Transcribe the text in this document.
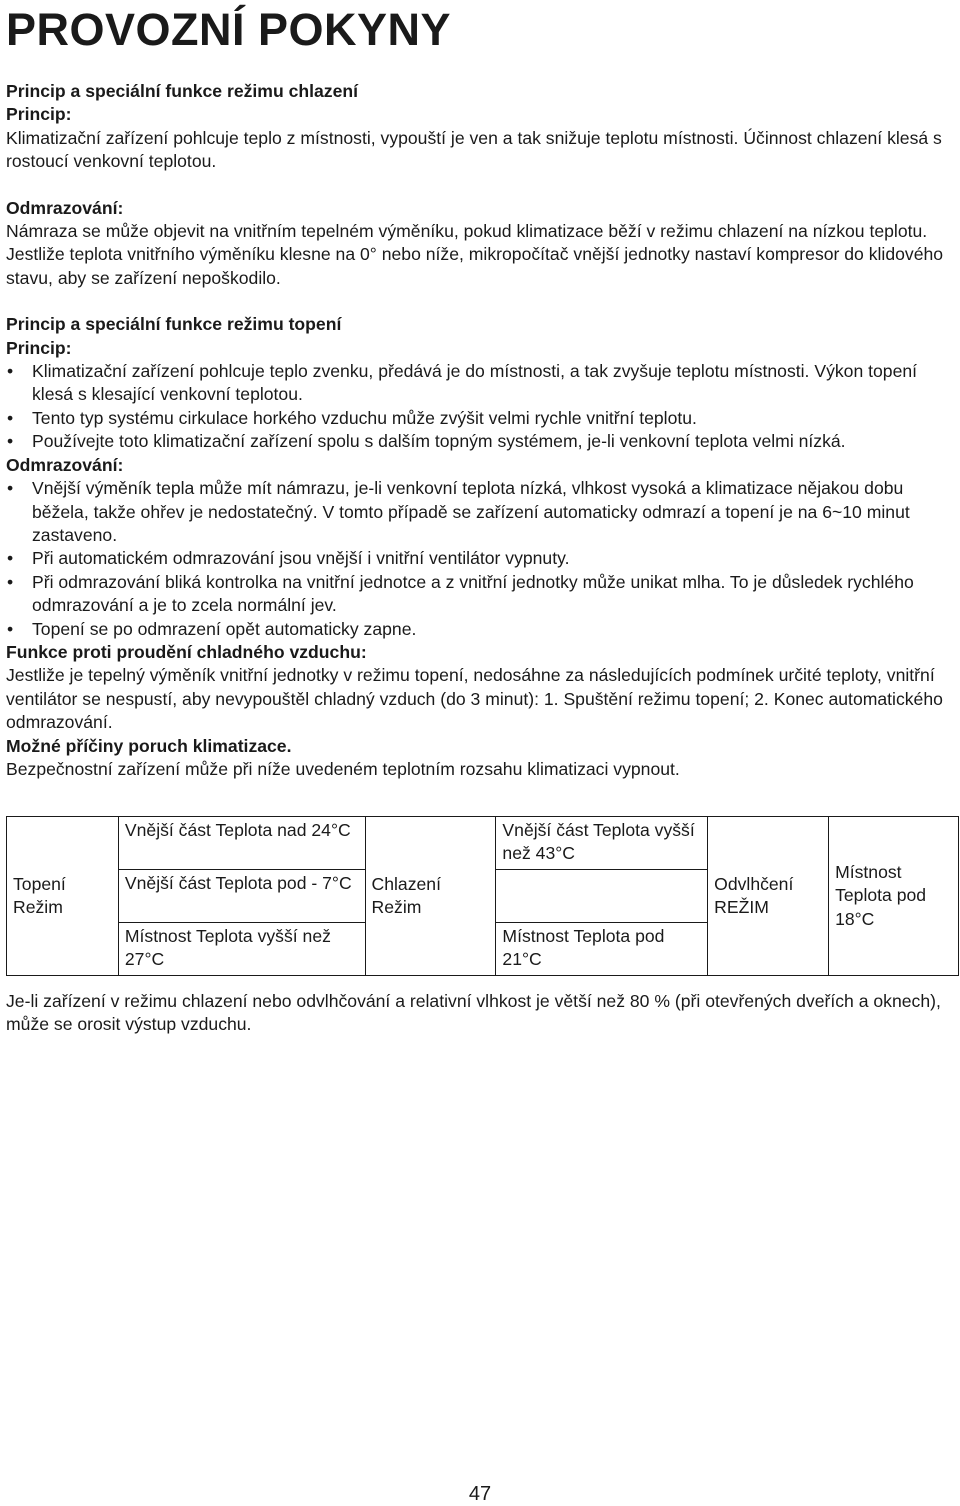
PROVOZNÍ POKYNY

Princip a speciální funkce režimu chlazení

Princip:

Klimatizační zařízení pohlcuje teplo z místnosti, vypouští je ven a tak snižuje teplotu místnosti. Účinnost chlazení klesá s rostoucí venkovní teplotou.

Odmrazování:

Námraza se může objevit na vnitřním tepelném výměníku, pokud klimatizace běží v režimu chlazení na nízkou teplotu.

Jestliže teplota vnitřního výměníku klesne na 0° nebo níže, mikropočítač vnější jednotky nastaví kompresor do klidového stavu, aby se zařízení nepoškodilo.

Princip a speciální funkce režimu topení

Princip:

• Klimatizační zařízení pohlcuje teplo zvenku, předává je do místnosti, a tak zvyšuje teplotu místnosti. Výkon topení klesá s klesající venkovní teplotou.
• Tento typ systému cirkulace horkého vzduchu může zvýšit velmi rychle vnitřní teplotu.
• Používejte toto klimatizační zařízení spolu s dalším topným systémem, je-li venkovní teplota velmi nízká.

Odmrazování:

• Vnější výměník tepla může mít námrazu, je-li venkovní teplota nízká, vlhkost vysoká a klimatizace nějakou dobu běžela, takže ohřev je nedostatečný. V tomto případě se zařízení automaticky odmrazí a topení je na 6~10 minut zastaveno.
• Při automatickém odmrazování jsou vnější i vnitřní ventilátor vypnuty.
• Při odmrazování bliká kontrolka na vnitřní jednotce a z vnitřní jednotky může unikat mlha. To je důsledek rychlého odmrazování a je to zcela normální jev.
• Topení se po odmrazení opět automaticky zapne.

Funkce proti proudění chladného vzduchu:

Jestliže je tepelný výměník vnitřní jednotky v režimu topení, nedosáhne za následujících podmínek určité teploty, vnitřní ventilátor se nespustí, aby nevypouštěl chladný vzduch (do 3 minut): 1. Spuštění režimu topení; 2. Konec automatického odmrazování.

Možné příčiny poruch klimatizace.

Bezpečnostní zařízení může při níže uvedeném teplotním rozsahu klimatizaci vypnout.

Topení Režim	Vnější část Teplota nad 24°C	Chlazení Režim	Vnější část Teplota vyšší než 43°C	Odvlhčení REŽIM	Místnost Teplota pod 18°C
	Vnější část Teplota pod - 7°C				
	Místnost Teplota vyšší než 27°C		Místnost Teplota pod 21°C		

Je-li zařízení v režimu chlazení nebo odvlhčování a relativní vlhkost je větší než 80 % (při otevřených dveřích a oknech), může se orosit výstup vzduchu.

47
